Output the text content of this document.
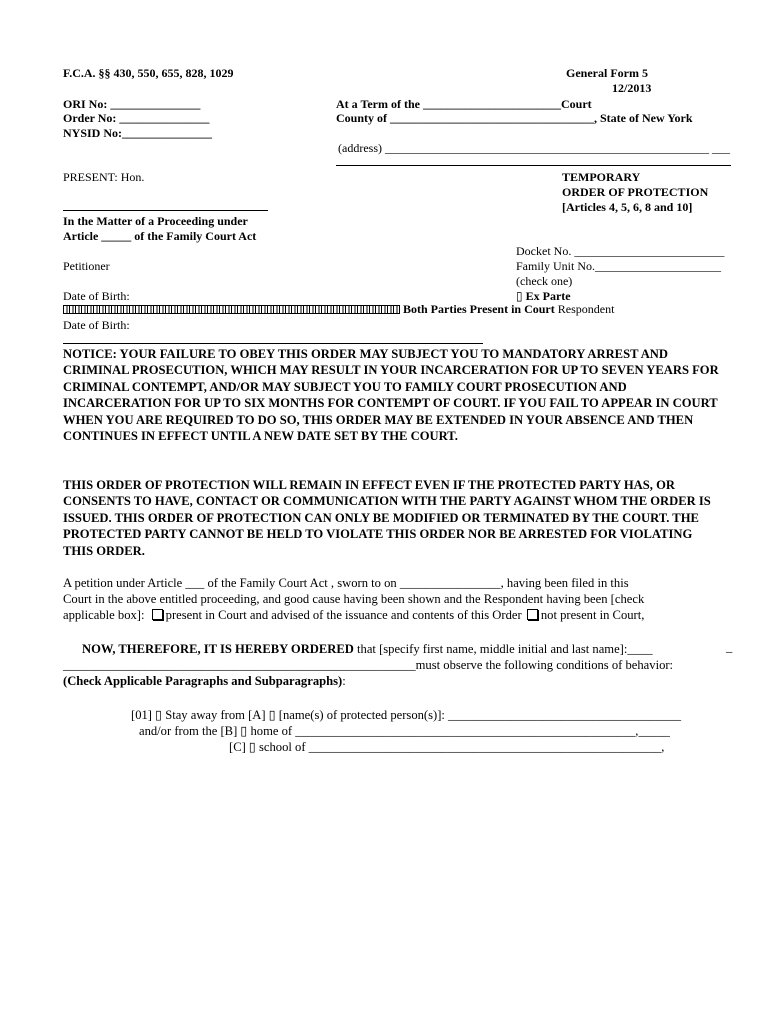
F.C.A. §§ 430, 550, 655, 828, 1029	General Form 5
12/2013
ORI No: _______________
Order No: _______________
NYSID No:_______________
At a Term of the _______________________Court
County of __________________________________, State of New York
(address) ______________________________________________________ ___
PRESENT: Hon.	TEMPORARY
ORDER OF PROTECTION
[Articles 4, 5, 6, 8 and 10]
In the Matter of a Proceeding under
Article _____ of the Family Court Act
Docket No. _________________________
Family Unit No._____________________
Petitioner
(check one)
Date of Birth:	▯ Ex Parte
Both Parties Present in Court Respondent
Date of Birth:
NOTICE: YOUR FAILURE TO OBEY THIS ORDER MAY SUBJECT YOU TO MANDATORY ARREST AND CRIMINAL PROSECUTION, WHICH MAY RESULT IN YOUR INCARCERATION FOR UP TO SEVEN YEARS FOR CRIMINAL CONTEMPT, AND/OR MAY SUBJECT YOU TO FAMILY COURT PROSECUTION AND INCARCERATION FOR UP TO SIX MONTHS FOR CONTEMPT OF COURT. IF YOU FAIL TO APPEAR IN COURT WHEN YOU ARE REQUIRED TO DO SO, THIS ORDER MAY BE EXTENDED IN YOUR ABSENCE AND THEN CONTINUES IN EFFECT UNTIL A NEW DATE SET BY THE COURT.
THIS ORDER OF PROTECTION WILL REMAIN IN EFFECT EVEN IF THE PROTECTED PARTY HAS, OR CONSENTS TO HAVE, CONTACT OR COMMUNICATION WITH THE PARTY AGAINST WHOM THE ORDER IS ISSUED. THIS ORDER OF PROTECTION CAN ONLY BE MODIFIED OR TERMINATED BY THE COURT. THE PROTECTED PARTY CANNOT BE HELD TO VIOLATE THIS ORDER NOR BE ARRESTED FOR VIOLATING THIS ORDER.
A petition under Article ___ of the Family Court Act , sworn to on ________________, having been filed in this
Court in the above entitled proceeding, and good cause having been shown and the Respondent having been [check
applicable box]: present in Court and advised of the issuance and contents of this Order not present in Court,
NOW, THEREFORE, IT IS HEREBY ORDERED that [specify first name, middle initial and last name]:____	_
________________________________________________________must observe the following conditions of behavior:
(Check Applicable Paragraphs and Subparagraphs):
[01] ▯ Stay away from [A] ▯ [name(s) of protected person(s)]: _____________________________________
and/or from the [B] ▯ home of ______________________________________________________,_____
[C] ▯ school of ________________________________________________________,
